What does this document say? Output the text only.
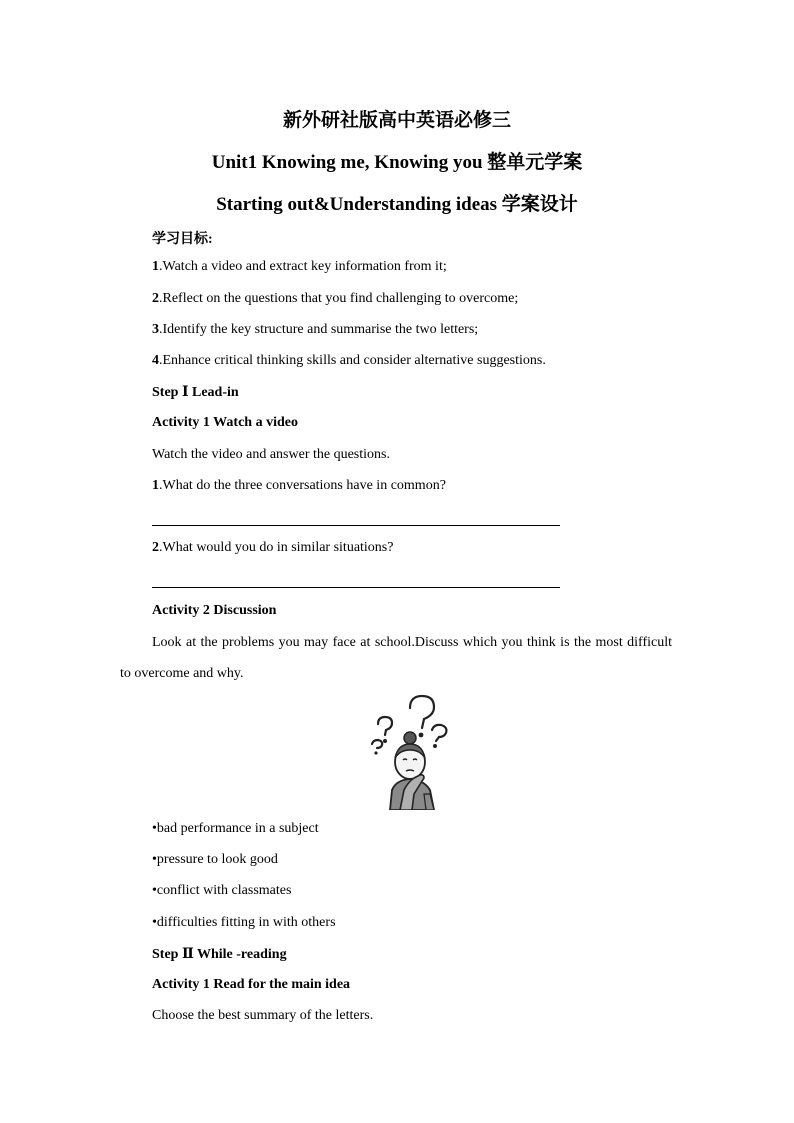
新外研社版高中英语必修三
Unit1 Knowing me, Knowing you 整单元学案
Starting out&Understanding ideas 学案设计
学习目标:
1.Watch a video and extract key information from it;
2.Reflect on the questions that you find challenging to overcome;
3.Identify the key structure and summarise the two letters;
4.Enhance critical thinking skills and consider alternative suggestions.
Step Ⅰ Lead-in
Activity 1 Watch a video
Watch the video and answer the questions.
1.What do the three conversations have in common?
2.What would you do in similar situations?
Activity 2 Discussion
Look at the problems you may face at school.Discuss which you think is the most difficult to overcome and why.
•bad performance in a subject
•pressure to look good
•conflict with classmates
•difficulties fitting in with others
Step Ⅱ While -reading
Activity 1 Read for the main idea
Choose the best summary of the letters.
